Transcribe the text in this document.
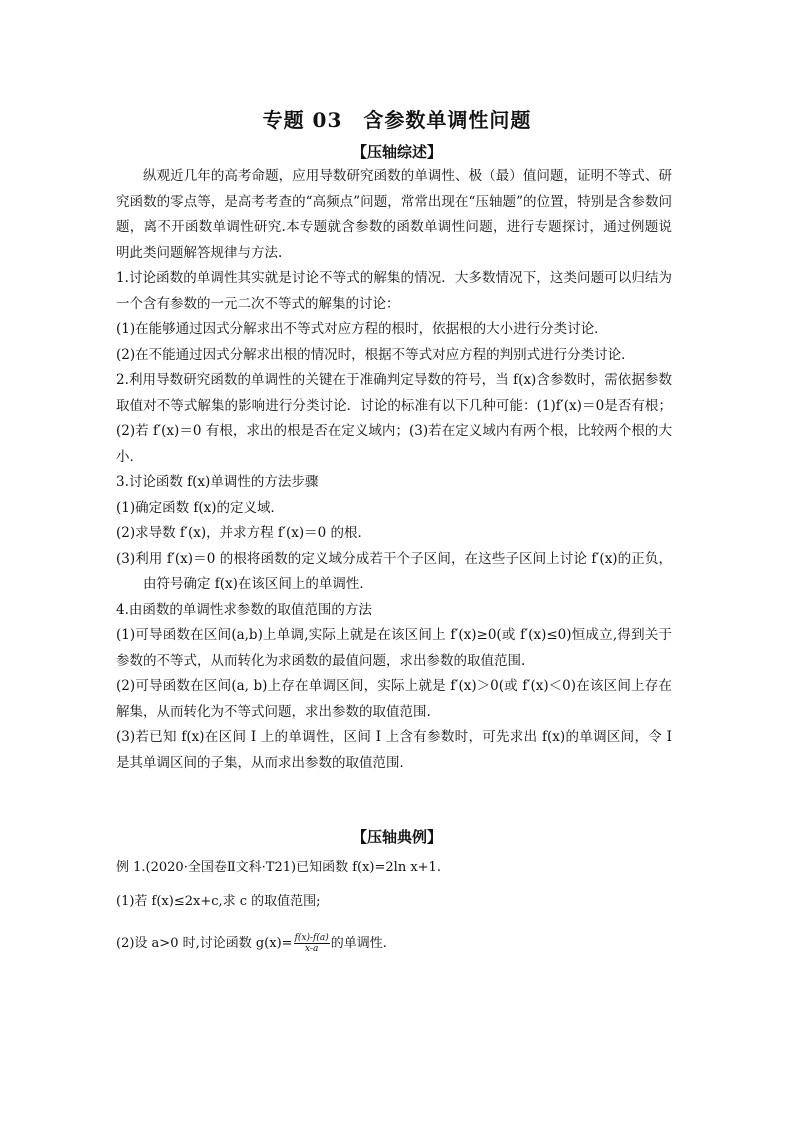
专题 03　含参数单调性问题
【压轴综述】

纵观近几年的高考命题，应用导数研究函数的单调性、极（最）值问题，证明不等式、研究函数的零点等，是高考考查的“高频点”问题，常常出现在“压轴题”的位置，特别是含参数问题，离不开函数单调性研究.本专题就含参数的函数单调性问题，进行专题探讨，通过例题说明此类问题解答规律与方法.

1.讨论函数的单调性其实就是讨论不等式的解集的情况．大多数情况下，这类问题可以归结为一个含有参数的一元二次不等式的解集的讨论：

(1)在能够通过因式分解求出不等式对应方程的根时，依据根的大小进行分类讨论．

(2)在不能通过因式分解求出根的情况时，根据不等式对应方程的判别式进行分类讨论．

2.利用导数研究函数的单调性的关键在于准确判定导数的符号，当 f(x)含参数时，需依据参数取值对不等式解集的影响进行分类讨论．讨论的标准有以下几种可能：(1)f′(x)＝0是否有根；(2)若 f′(x)＝0 有根，求出的根是否在定义域内；(3)若在定义域内有两个根，比较两个根的大小．

3.讨论函数 f(x)单调性的方法步骤

(1)确定函数 f(x)的定义域．

(2)求导数 f′(x)，并求方程 f′(x)＝0 的根．

(3)利用 f′(x)＝0 的根将函数的定义域分成若干个子区间，在这些子区间上讨论 f′(x)的正负，由符号确定 f(x)在该区间上的单调性．

4.由函数的单调性求参数的取值范围的方法

(1)可导函数在区间(a,b)上单调,实际上就是在该区间上 f′(x)≥0(或 f′(x)≤0)恒成立,得到关于参数的不等式，从而转化为求函数的最值问题，求出参数的取值范围.

(2)可导函数在区间(a, b)上存在单调区间，实际上就是 f′(x)＞0(或 f′(x)＜0)在该区间上存在解集，从而转化为不等式问题，求出参数的取值范围.

(3)若已知 f(x)在区间 I 上的单调性，区间 I 上含有参数时，可先求出 f(x)的单调区间，令 I 是其单调区间的子集，从而求出参数的取值范围．

【压轴典例】

例 1.(2020·全国卷Ⅱ文科·T21)已知函数 f(x)=2ln x+1.

(1)若 f(x)≤2x+c,求 c 的取值范围;

(2)设 a>0 时,讨论函数 $g(x)= \frac{f(x)-f(a)}{x-a}$ 的单调性.
